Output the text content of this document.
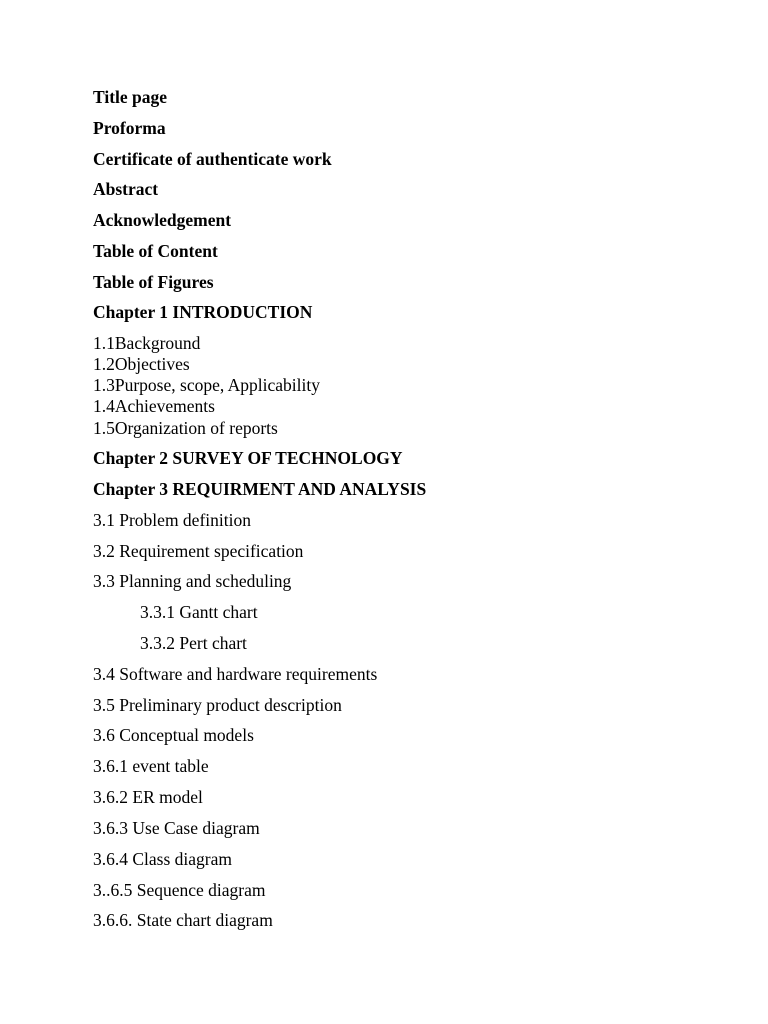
Title page
Proforma
Certificate of authenticate work
Abstract
Acknowledgement
Table of Content
Table of Figures
Chapter 1 INTRODUCTION
1.1Background
1.2Objectives
1.3Purpose, scope, Applicability
1.4Achievements
1.5Organization of reports
Chapter 2 SURVEY OF TECHNOLOGY
Chapter 3 REQUIRMENT AND ANALYSIS
3.1 Problem definition
3.2 Requirement specification
3.3 Planning and scheduling
3.3.1 Gantt chart
3.3.2 Pert chart
3.4 Software and hardware requirements
3.5 Preliminary product description
3.6 Conceptual models
3.6.1 event table
3.6.2 ER model
3.6.3 Use Case diagram
3.6.4 Class diagram
3..6.5 Sequence diagram
3.6.6. State chart diagram
